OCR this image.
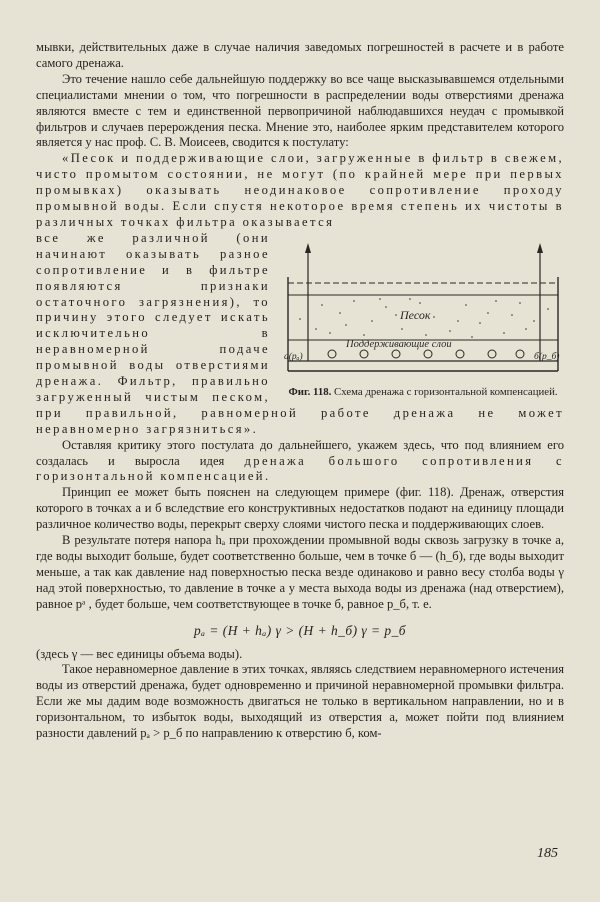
мывки, действительных даже в случае наличия заведомых погрешностей в расчете и в работе самого дренажа.

Это течение нашло себе дальнейшую поддержку во все чаще высказывавшемся отдельными специалистами мнении о том, что погрешности в распределении воды отверстиями дренажа являются вместе с тем и единственной первопричиной наблюдавшихся неудач с промывкой фильтров и случаев перерождения песка. Мнение это, наиболее ярким представителем которого является у нас проф. С. В. Моисеев, сводится к постулату:

«Песок и поддерживающие слои, загруженные в фильтр в свежем, чисто промытом состоянии, не могут (по крайней мере при первых промывках) оказывать неодинаковое сопротивление проходу промывной воды. Если спустя некоторое время степень их чистоты в различных точках фильтра оказывается

Песок
Поддерживающие слои
а(pₐ)	б(p_б)
Фиг. 118. Схема дренажа с горизонтальной компенсацией.

все же различной (они начинают оказывать разное сопротивление и в фильтре появляются признаки остаточного загрязнения), то причину этого следует искать исключительно в неравномерной подаче промывной воды отверстиями дренажа. Фильтр, правильно загруженный чистым песком, при правильной, равномерной работе дренажа не может неравномерно загрязниться».

Оставляя критику этого постулата до дальнейшего, укажем здесь, что под влиянием его создалась и выросла идея дренажа большого сопротивления с горизонтальной компенсацией.

Принцип ее может быть пояснен на следующем примере (фиг. 118). Дренаж, отверстия которого в точках а и б вследствие его конструктивных недостатков подают на единицу площади различное количество воды, перекрыт сверху слоями чистого песка и поддерживающих слоев.

В результате потеря напора hₐ при прохождении промывной воды сквозь загрузку в точке а, где воды выходит больше, будет соответственно больше, чем в точке б — (h_б), где воды выходит меньше, а так как давление над поверхностью песка везде одинаково и равно весу столба воды γ над этой поверхностью, то давление в точке а у места выхода воды из дренажа (над отверстием), равное pᵃ , будет больше, чем соответствующее в точке б, равное p_б, т. е.

pₐ = (H + hₐ) γ > (H + h_б) γ = p_б

(здесь γ — вес единицы объема воды).

Такое неравномерное давление в этих точках, являясь следствием неравномерного истечения воды из отверстий дренажа, будет одновременно и причиной неравномерной промывки фильтра. Если же мы дадим воде возможность двигаться не только в вертикальном направлении, но и в горизонтальном, то избыток воды, выходящий из отверстия а, может пойти под влиянием разности давлений pₐ > p_б по направлению к отверстию б, ком-

185
